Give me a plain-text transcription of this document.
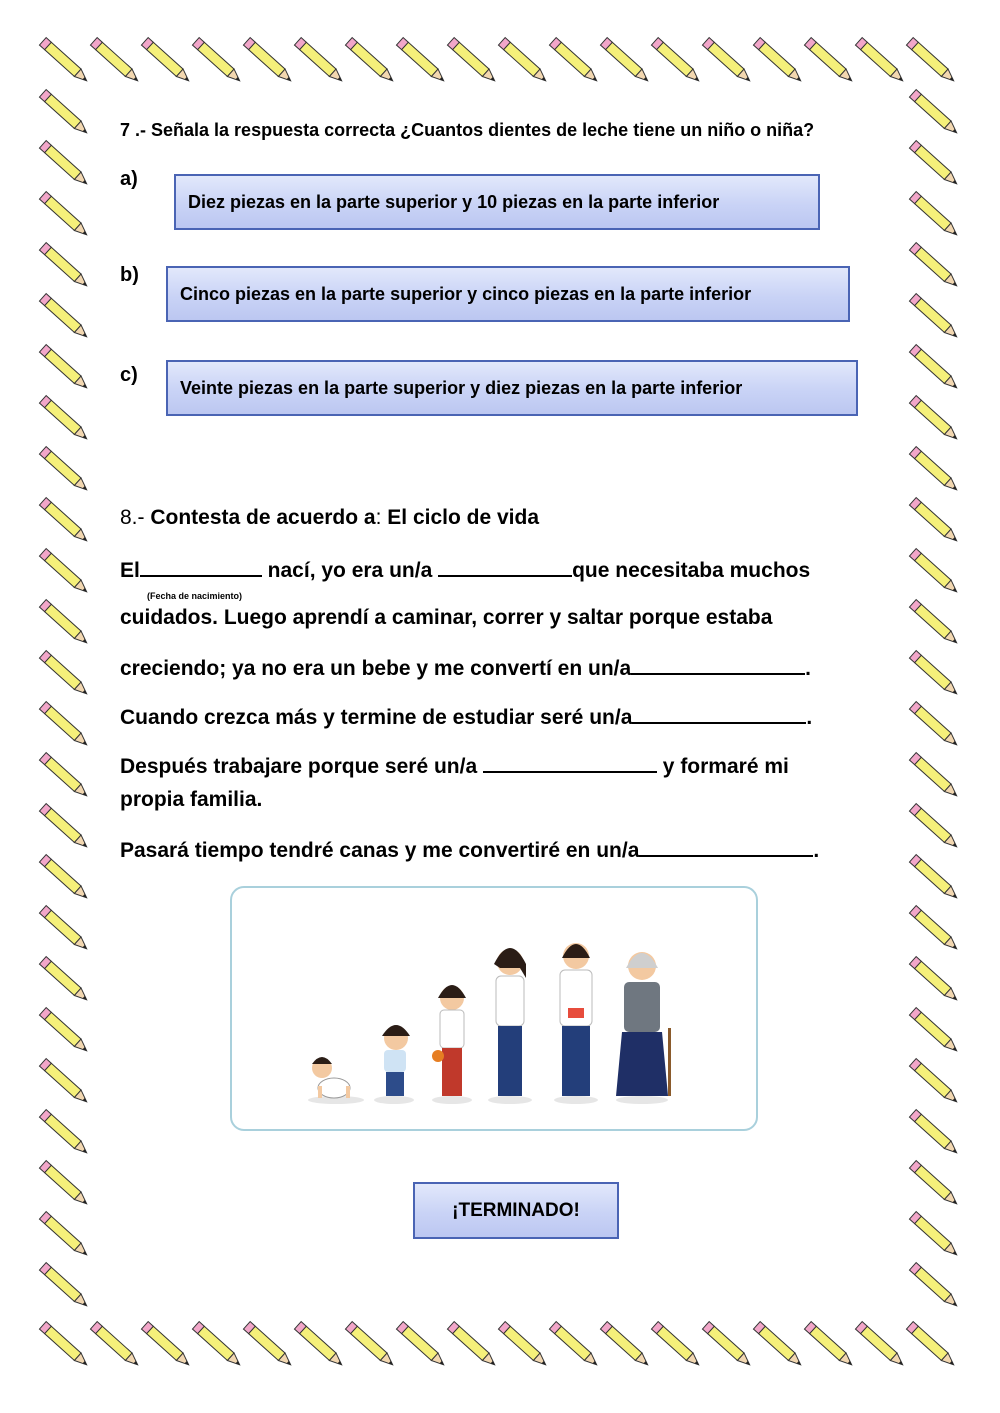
7 .- Señala la respuesta correcta ¿Cuantos dientes de leche tiene un niño o niña?
a)
Diez piezas en la parte superior y 10 piezas en la parte inferior
b)
Cinco piezas en la parte superior y cinco piezas en la parte inferior
c)
Veinte piezas en la parte superior y diez piezas en la parte inferior
8.- Contesta de acuerdo a: El ciclo de vida
El	nací, yo era un/a	que necesitaba muchos
(Fecha de nacimiento)
cuidados. Luego aprendí a caminar, correr y saltar porque estaba
creciendo; ya no era un bebe y me convertí en un/a	.
Cuando crezca más y termine de estudiar seré un/a	.
Después trabajare porque seré un/a	y formaré mi
propia familia.
Pasará tiempo tendré canas y me convertiré en un/a	.
¡TERMINADO!
